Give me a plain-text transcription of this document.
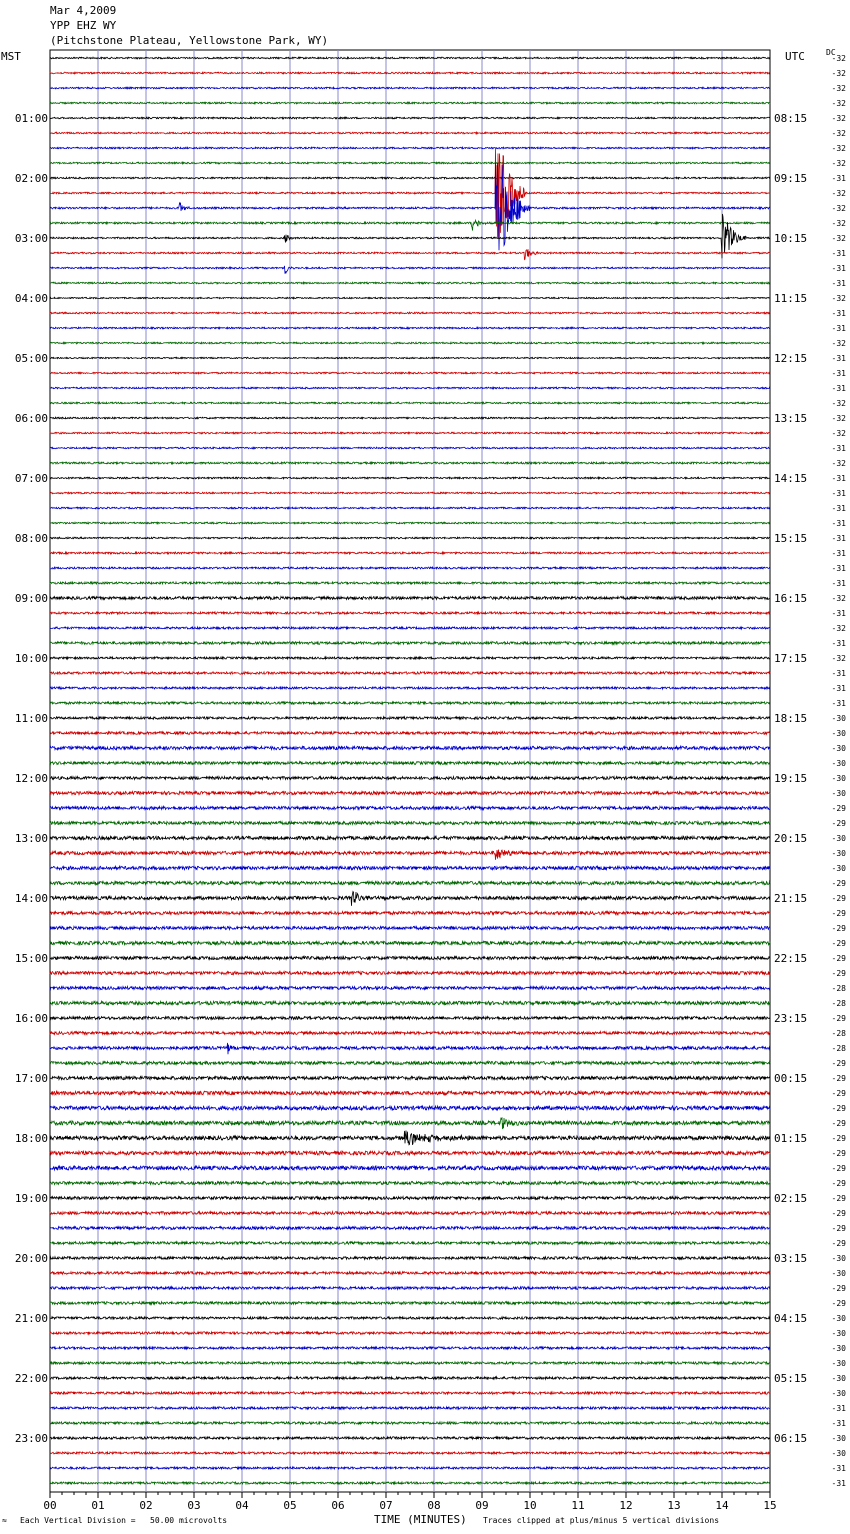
Mar 4,2009
YPP EHZ WY
(Pitchstone Plateau, Yellowstone Park, WY)
MST	UTC	DC
00	01	02	03	04	05	06	07	08	09	10	11	12	13	14	15
-32
-32
-32
-32
-32
-32
-32
-32
-31
-32
-32
-32
-32
-31
-31
-31
-32
-31
-31
-32
-31
-31
-31
-32
-32
-32
-31
-32
-31
-31
-31
-31
-31
-31
-31
-31
-32
-31
-32
-31
-32
-31
-31
-31
-30
-30
-30
-30
-30
-30
-29
-29
-30
-30
-30
-29
-29
-29
-29
-29
-29
-29
-28
-28
-29
-28
-28
-29
-29
-29
-29
-29
-29
-29
-29
-29
-29
-29
-29
-29
-30
-30
-29
-29
-30
-30
-30
-30
-30
-30
-31
-31
-30
-30
-31
-31
01:00
02:00
03:00
04:00
05:00
06:00
07:00
08:00
09:00
10:00
11:00
12:00
13:00
14:00
15:00
16:00
17:00
18:00
19:00
20:00
21:00
22:00
23:00
08:15
09:15
10:15
11:15
12:15
13:15
14:15
15:15
16:15
17:15
18:15
19:15
20:15
21:15
22:15
23:15
00:15
01:15
02:15
03:15
04:15
05:15
06:15
≈ Each Vertical Division =   50.00 microvolts	TIME (MINUTES) Traces clipped at plus/minus 5 vertical divisions
